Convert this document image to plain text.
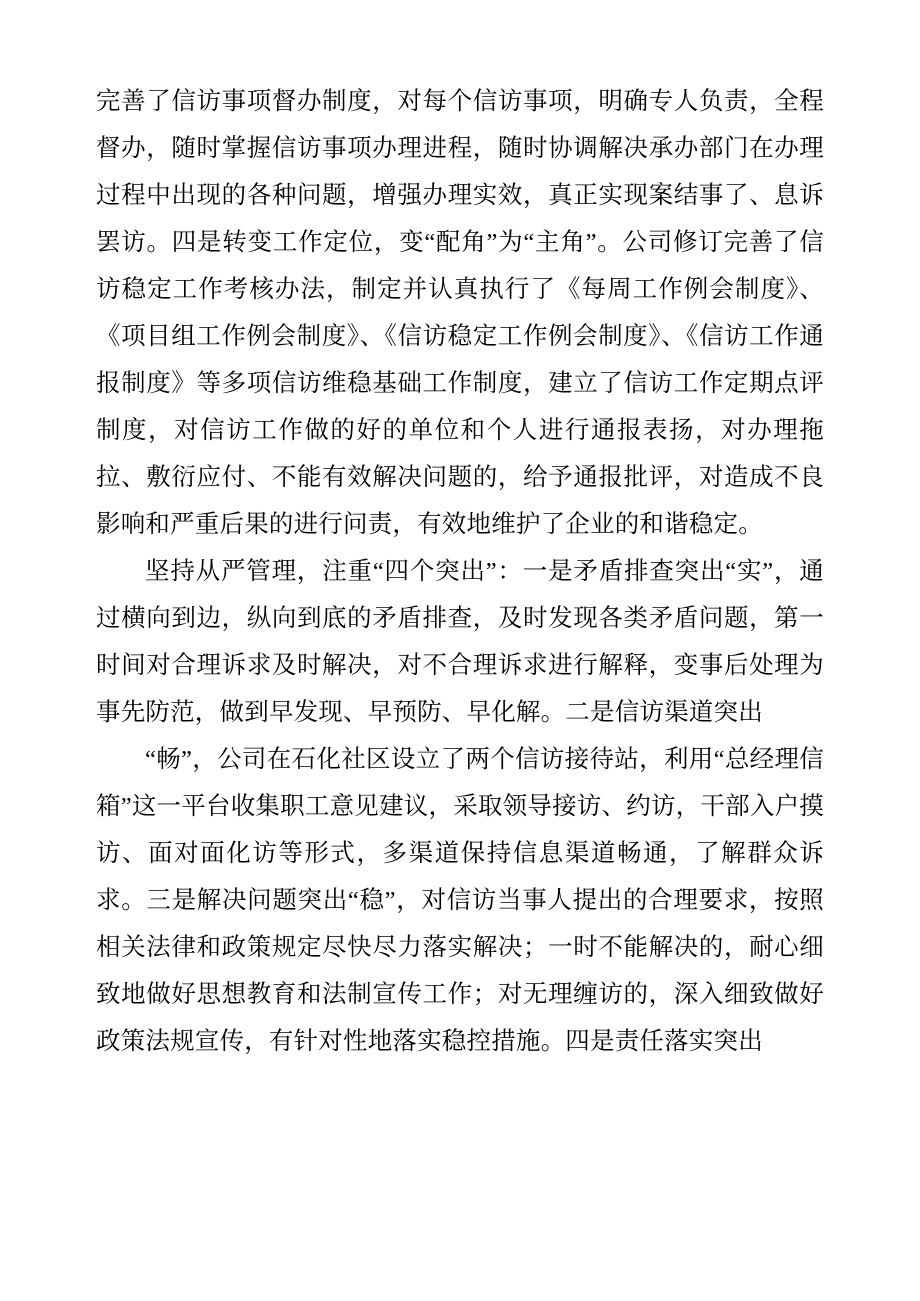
完善了信访事项督办制度，对每个信访事项，明确专人负责，全程督办，随时掌握信访事项办理进程，随时协调解决承办部门在办理过程中出现的各种问题，增强办理实效，真正实现案结事了、息诉罢访。四是转变工作定位，变“配角”为“主角”。公司修订完善了信访稳定工作考核办法，制定并认真执行了《每周工作例会制度》、《项目组工作例会制度》、《信访稳定工作例会制度》、《信访工作通报制度》等多项信访维稳基础工作制度，建立了信访工作定期点评制度，对信访工作做的好的单位和个人进行通报表扬，对办理拖拉、敷衍应付、不能有效解决问题的，给予通报批评，对造成不良影响和严重后果的进行问责，有效地维护了企业的和谐稳定。

坚持从严管理，注重“四个突出”：一是矛盾排查突出“实”，通过横向到边，纵向到底的矛盾排查，及时发现各类矛盾问题，第一时间对合理诉求及时解决，对不合理诉求进行解释，变事后处理为事先防范，做到早发现、早预防、早化解。二是信访渠道突出

“畅”，公司在石化社区设立了两个信访接待站，利用“总经理信箱”这一平台收集职工意见建议，采取领导接访、约访，干部入户摸访、面对面化访等形式，多渠道保持信息渠道畅通，了解群众诉求。三是解决问题突出“稳”，对信访当事人提出的合理要求，按照相关法律和政策规定尽快尽力落实解决；一时不能解决的，耐心细致地做好思想教育和法制宣传工作；对无理缠访的，深入细致做好政策法规宣传，有针对性地落实稳控措施。四是责任落实突出
